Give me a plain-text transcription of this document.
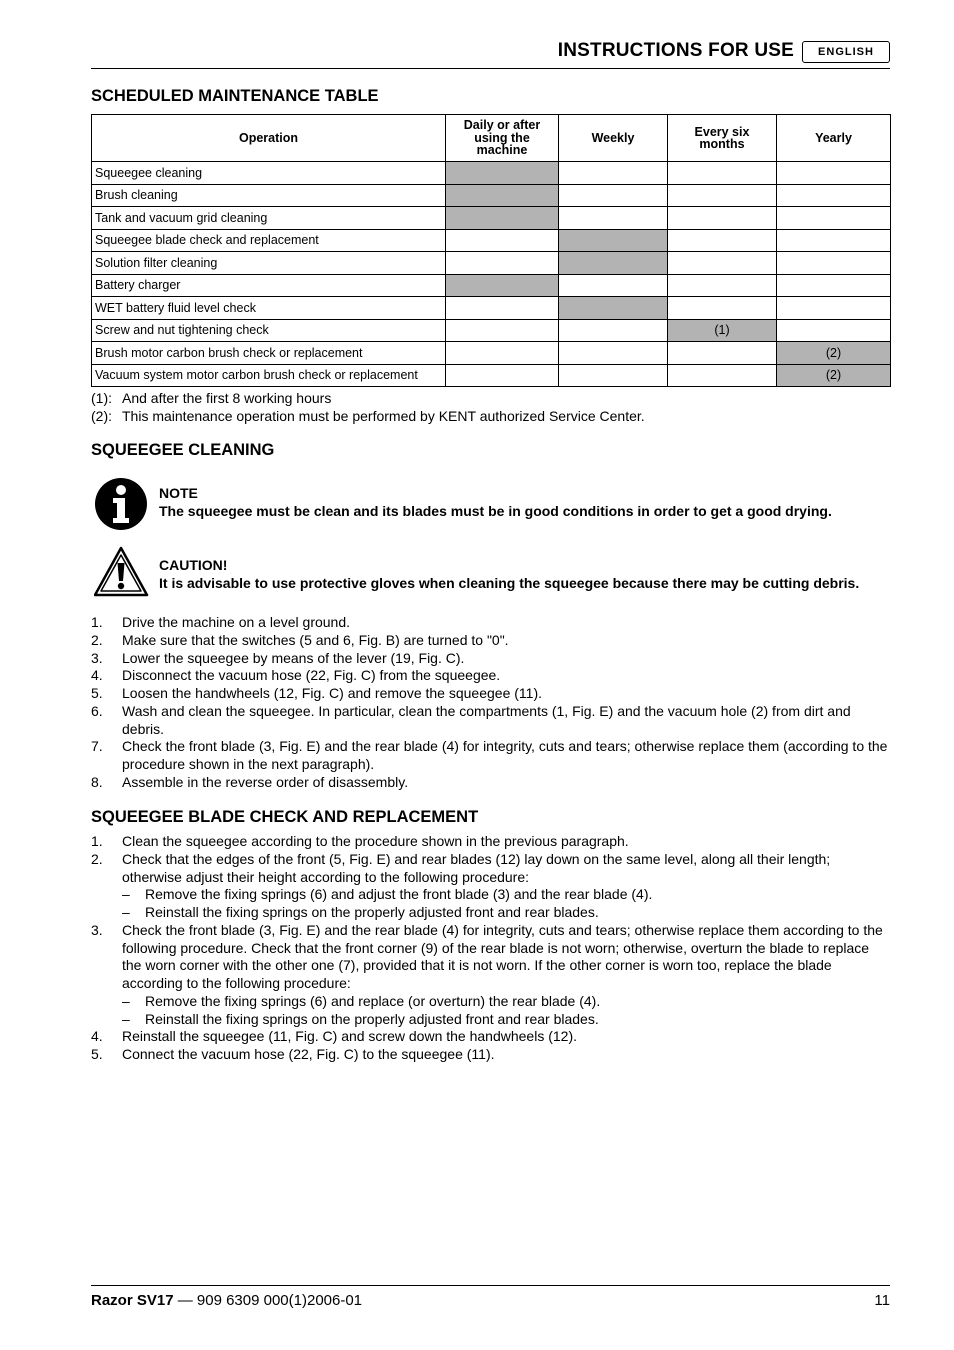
INSTRUCTIONS FOR USE	ENGLISH
SCHEDULED MAINTENANCE TABLE
Operation	Daily or after using the machine	Weekly	Every six months	Yearly
Squeegee cleaning				
Brush cleaning				
Tank and vacuum grid cleaning				
Squeegee blade check and replacement				
Solution filter cleaning				
Battery charger				
WET battery fluid level check				
Screw and nut tightening check			(1)	
Brush motor carbon brush check or replacement				(2)
Vacuum system motor carbon brush check or replacement				(2)
(1): And after the first 8 working hours
(2): This maintenance operation must be performed by KENT authorized Service Center.
SQUEEGEE CLEANING
NOTE
The squeegee must be clean and its blades must be in good conditions in order to get a good drying.
CAUTION!
It is advisable to use protective gloves when cleaning the squeegee because there may be cutting debris.
1.	Drive the machine on a level ground.
2.	Make sure that the switches (5 and 6, Fig. B) are turned to "0".
3.	Lower the squeegee by means of the lever (19, Fig. C).
4.	Disconnect the vacuum hose (22, Fig. C) from the squeegee.
5.	Loosen the handwheels (12, Fig. C) and remove the squeegee (11).
6.	Wash and clean the squeegee. In particular, clean the compartments (1, Fig. E) and the vacuum hole (2) from dirt and debris.
7.	Check the front blade (3, Fig. E) and the rear blade (4) for integrity, cuts and tears; otherwise replace them (according to the procedure shown in the next paragraph).
8.	Assemble in the reverse order of disassembly.
SQUEEGEE BLADE CHECK AND REPLACEMENT
1.	Clean the squeegee according to the procedure shown in the previous paragraph.
2.	Check that the edges of the front (5, Fig. E) and rear blades (12) lay down on the same level, along all their length; otherwise adjust their height according to the following procedure:
–	Remove the fixing springs (6) and adjust the front blade (3) and the rear blade (4).
–	Reinstall the fixing springs on the properly adjusted front and rear blades.
3.	Check the front blade (3, Fig. E) and the rear blade (4) for integrity, cuts and tears; otherwise replace them according to the following procedure. Check that the front corner (9) of the rear blade is not worn; otherwise, overturn the blade to replace the worn corner with the other one (7), provided that it is not worn. If the other corner is worn too, replace the blade according to the following procedure:
–	Remove the fixing springs (6) and replace (or overturn) the rear blade (4).
–	Reinstall the fixing springs on the properly adjusted front and rear blades.
4.	Reinstall the squeegee (11, Fig. C) and screw down the handwheels (12).
5.	Connect the vacuum hose (22, Fig. C) to the squeegee (11).
Razor SV17 — 909 6309 000(1)2006-01	11
